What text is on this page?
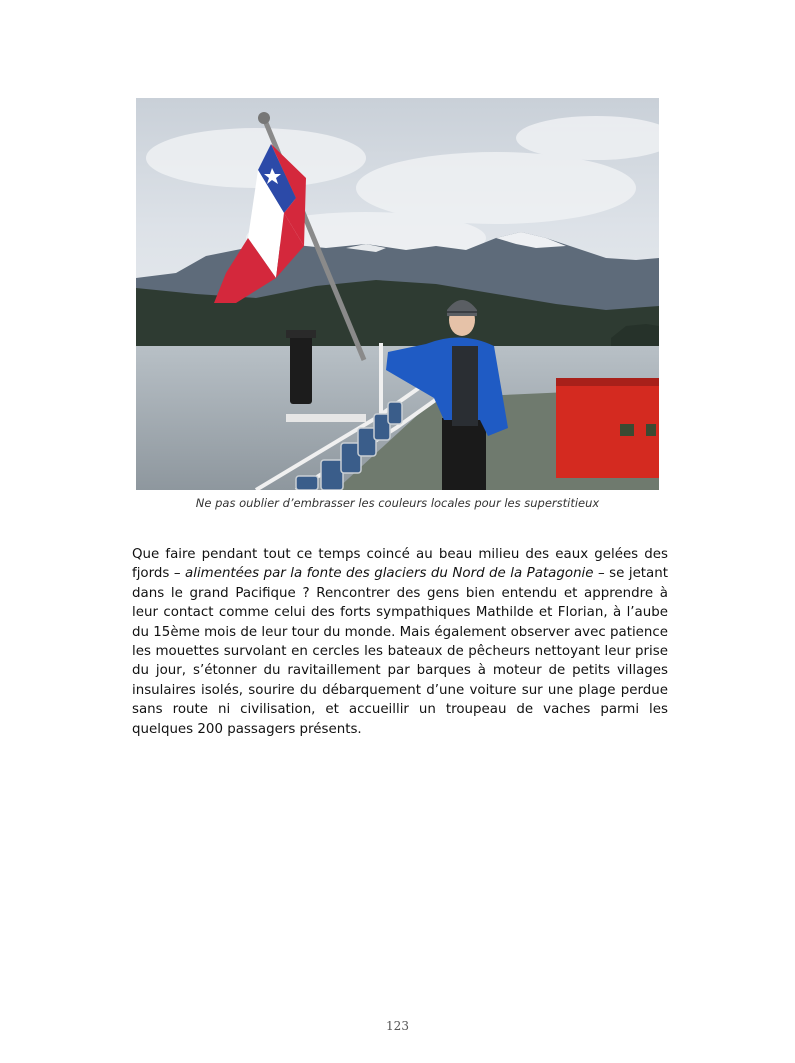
Ne pas oublier d’embrasser les couleurs locales pour les superstitieux

Que faire pendant tout ce temps coincé au beau milieu des eaux gelées des fjords – alimentées par la fonte des glaciers du Nord de la Patagonie – se jetant dans le grand Pacifique ? Rencontrer des gens bien entendu et apprendre à leur contact comme celui des forts sympathiques Mathilde et Florian, à l’aube du 15ème mois de leur tour du monde. Mais également observer avec patience les mouettes survolant en cercles les bateaux de pêcheurs nettoyant leur prise du jour, s’étonner du ravitaillement par barques à moteur de petits villages insulaires isolés, sourire du débarquement d’une voiture sur une plage perdue sans route ni civilisation, et accueillir un troupeau de vaches parmi les quelques 200 passagers présents.

123
